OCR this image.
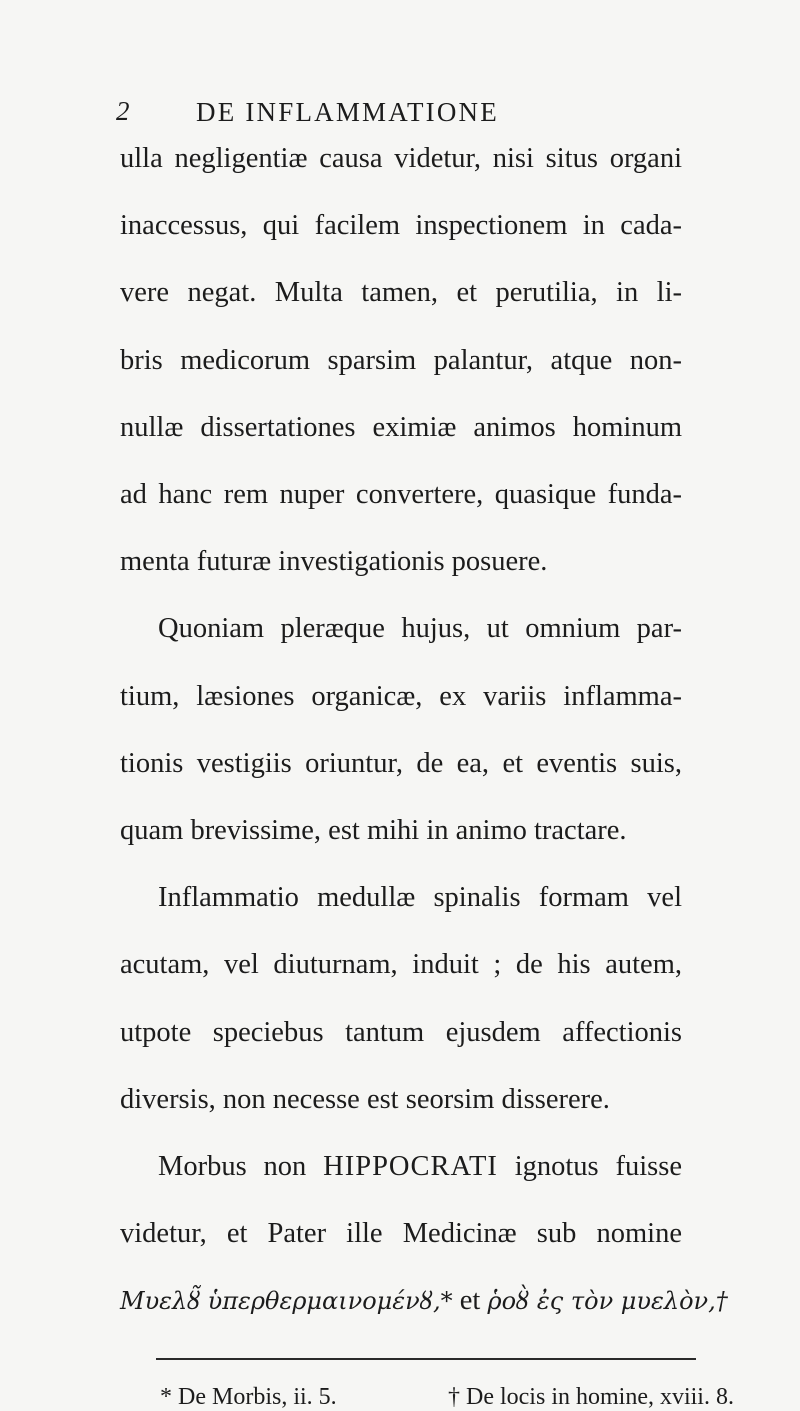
2 DE INFLAMMATIONE
ulla negligentiæ causa videtur, nisi situs organi
inaccessus, qui facilem inspectionem in cada-
vere negat. Multa tamen, et perutilia, in li-
bris medicorum sparsim palantur, atque non-
nullæ dissertationes eximiæ animos hominum
ad hanc rem nuper convertere, quasique funda-
menta futuræ investigationis posuere.
Quoniam pleræque hujus, ut omnium par-
tium, læsiones organicæ, ex variis inflamma-
tionis vestigiis oriuntur, de ea, et eventis suis,
quam brevissime, est mihi in animo tractare.
Inflammatio medullæ spinalis formam vel
acutam, vel diuturnam, induit ; de his autem,
utpote speciebus tantum ejusdem affectionis
diversis, non necesse est seorsim disserere.
Morbus non HIPPOCRATI ignotus fuisse
videtur, et Pater ille Medicinæ sub nomine
Μυελȣ̃ ὑπερθερμαινομένȣ,* et ῥοȣ̀ ἐς τὸν μυελὸν,†
* De Morbis, ii. 5.	† De locis in homine, xviii. 8.
